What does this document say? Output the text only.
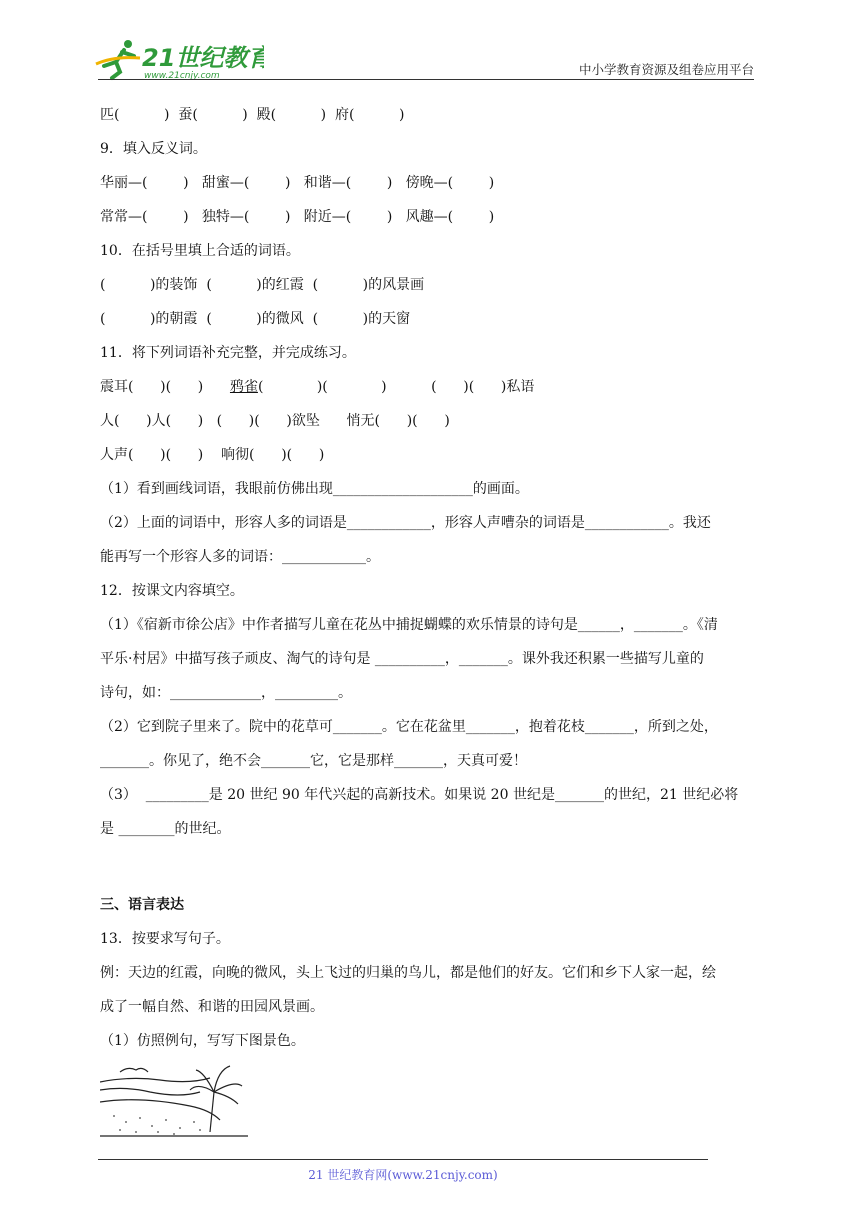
21世纪教育
www.21cnjy.com	中小学教育资源及组卷应用平台
匹(          )  蚕(          )  殿(          )  府(          )
9．填入反义词。
华丽—(        )   甜蜜—(        )   和谐—(        )   傍晚—(        )
常常—(        )   独特—(        )   附近—(        )   风趣—(        )
10．在括号里填上合适的词语。
(          )的装饰  (          )的红霞  (          )的风景画
(          )的朝霞  (          )的微风  (          )的天窗
11．将下列词语补充完整，并完成练习。
震耳(      )(      )      鸦雀(            )(            )          (      )(      )私语
人(      )人(      )   (      )(      )欲坠      悄无(      )(      )
人声(      )(      )    响彻(      )(      )
（1）看到画线词语，我眼前仿佛出现____________________的画面。
（2）上面的词语中，形容人多的词语是____________，形容人声嘈杂的词语是____________。我还
能再写一个形容人多的词语：____________。
12．按课文内容填空。
（1）《宿新市徐公店》中作者描写儿童在花丛中捕捉蝴蝶的欢乐情景的诗句是______，_______。《清
平乐·村居》中描写孩子顽皮、淘气的诗句是 __________，_______。课外我还积累一些描写儿童的
诗句，如：_____________，_________。
（2）它到院子里来了。院中的花草可_______。它在花盆里_______，抱着花枝_______，所到之处，
_______。你见了，绝不会_______它，它是那样_______，天真可爱！
（3）  _________是 20 世纪 90 年代兴起的高新技术。如果说 20 世纪是_______的世纪，21 世纪必将
是 ________的世纪。
三、语言表达
13．按要求写句子。
例：天边的红霞，向晚的微风，头上飞过的归巢的鸟儿，都是他们的好友。它们和乡下人家一起，绘
成了一幅自然、和谐的田园风景画。
（1）仿照例句，写写下图景色。
21 世纪教育网(www.21cnjy.com)
